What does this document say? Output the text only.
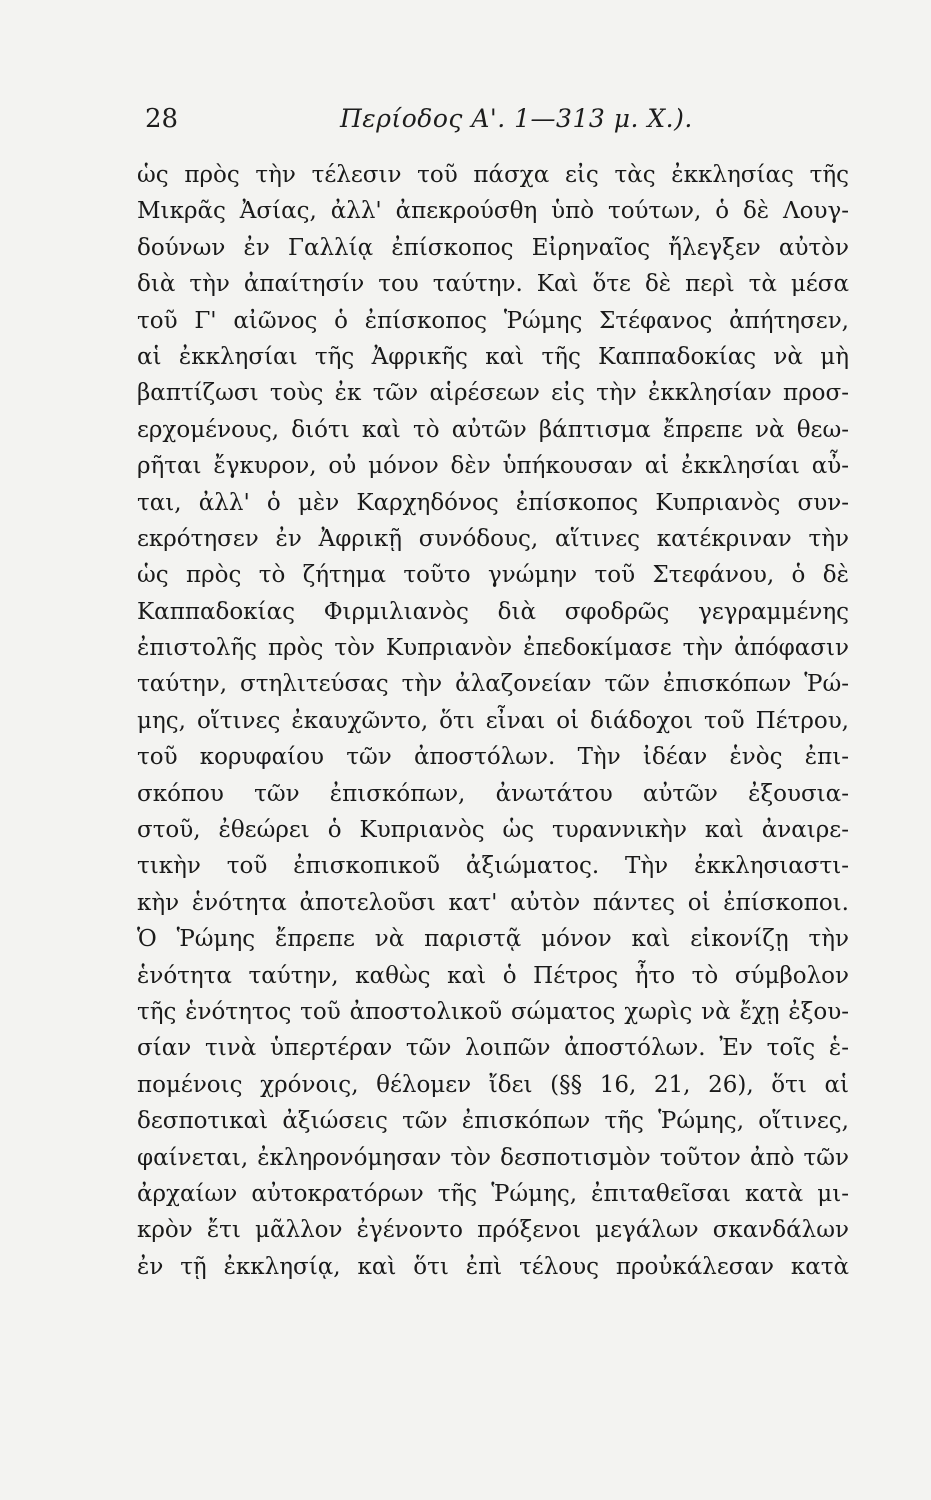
28	Περίοδος Α'. 1—313 μ. Χ.).
ὡς πρὸς τὴν τέλεσιν τοῦ πάσχα εἰς τὰς ἐκκλησίας τῆς
Μικρᾶς Ἀσίας, ἀλλ' ἀπεκρούσθη ὑπὸ τούτων, ὁ δὲ Λουγ-
δούνων ἐν Γαλλίᾳ ἐπίσκοπος Εἰρηναῖος ἤλεγξεν αὐτὸν
διὰ τὴν ἀπαίτησίν του ταύτην. Καὶ ὅτε δὲ περὶ τὰ μέσα
τοῦ Γ' αἰῶνος ὁ ἐπίσκοπος Ῥώμης Στέφανος ἀπήτησεν,
αἱ ἐκκλησίαι τῆς Ἀφρικῆς καὶ τῆς Καππαδοκίας νὰ μὴ
βαπτίζωσι τοὺς ἐκ τῶν αἱρέσεων εἰς τὴν ἐκκλησίαν προσ-
ερχομένους, διότι καὶ τὸ αὐτῶν βάπτισμα ἔπρεπε νὰ θεω-
ρῆται ἔγκυρον, οὐ μόνον δὲν ὑπήκουσαν αἱ ἐκκλησίαι αὖ-
ται, ἀλλ' ὁ μὲν Καρχηδόνος ἐπίσκοπος Κυπριανὸς συν-
εκρότησεν ἐν Ἀφρικῇ συνόδους, αἵτινες κατέκριναν τὴν
ὡς πρὸς τὸ ζήτημα τοῦτο γνώμην τοῦ Στεφάνου, ὁ δὲ
Καππαδοκίας Φιρμιλιανὸς διὰ σφοδρῶς γεγραμμένης
ἐπιστολῆς πρὸς τὸν Κυπριανὸν ἐπεδοκίμασε τὴν ἀπόφασιν
ταύτην, στηλιτεύσας τὴν ἀλαζονείαν τῶν ἐπισκόπων Ῥώ-
μης, οἵτινες ἐκαυχῶντο, ὅτι εἶναι οἱ διάδοχοι τοῦ Πέτρου,
τοῦ κορυφαίου τῶν ἀποστόλων. Τὴν ἰδέαν ἑνὸς ἐπι-
σκόπου τῶν ἐπισκόπων, ἀνωτάτου αὐτῶν ἐξουσια-
στοῦ, ἐθεώρει ὁ Κυπριανὸς ὡς τυραννικὴν καὶ ἀναιρε-
τικὴν τοῦ ἐπισκοπικοῦ ἀξιώματος. Τὴν ἐκκλησιαστι-
κὴν ἑνότητα ἀποτελοῦσι κατ' αὐτὸν πάντες οἱ ἐπίσκοποι.
Ὁ Ῥώμης ἔπρεπε νὰ παριστᾷ μόνον καὶ εἰκονίζῃ τὴν
ἑνότητα ταύτην, καθὼς καὶ ὁ Πέτρος ἦτο τὸ σύμβολον
τῆς ἑνότητος τοῦ ἀποστολικοῦ σώματος χωρὶς νὰ ἔχῃ ἐξου-
σίαν τινὰ ὑπερτέραν τῶν λοιπῶν ἀποστόλων. Ἐν τοῖς ἑ-
πομένοις χρόνοις, θέλομεν ἴδει (§§ 16, 21, 26), ὅτι αἱ
δεσποτικαὶ ἀξιώσεις τῶν ἐπισκόπων τῆς Ῥώμης, οἵτινες,
φαίνεται, ἐκληρονόμησαν τὸν δεσποτισμὸν τοῦτον ἀπὸ τῶν
ἀρχαίων αὐτοκρατόρων τῆς Ῥώμης, ἐπιταθεῖσαι κατὰ μι-
κρὸν ἔτι μᾶλλον ἐγένοντο πρόξενοι μεγάλων σκανδάλων
ἐν τῇ ἐκκλησίᾳ, καὶ ὅτι ἐπὶ τέλους προὐκάλεσαν κατὰ
